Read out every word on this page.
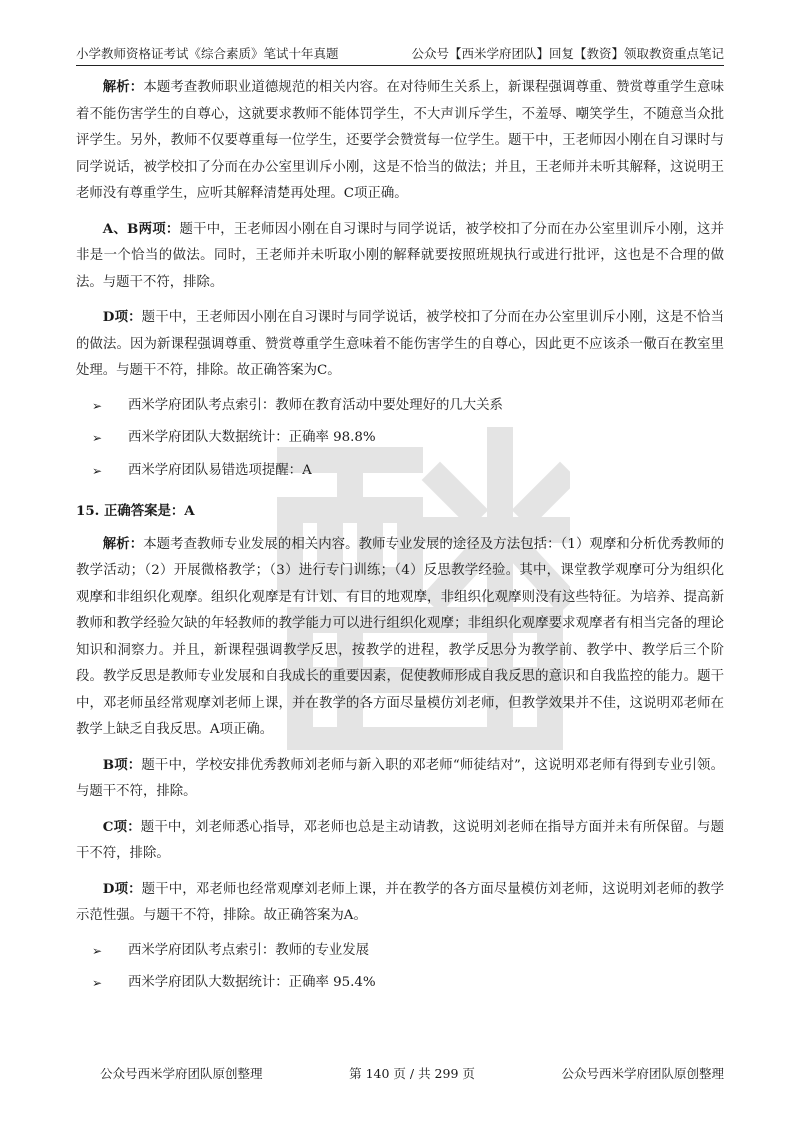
小学教师资格证考试《综合素质》笔试十年真题	公众号【西米学府团队】回复【教资】领取教资重点笔记

解析：本题考查教师职业道德规范的相关内容。在对待师生关系上，新课程强调尊重、赞赏尊重学生意味着不能伤害学生的自尊心，这就要求教师不能体罚学生，不大声训斥学生，不羞辱、嘲笑学生，不随意当众批评学生。另外，教师不仅要尊重每一位学生，还要学会赞赏每一位学生。题干中，王老师因小刚在自习课时与同学说话，被学校扣了分而在办公室里训斥小刚，这是不恰当的做法；并且，王老师并未听其解释，这说明王老师没有尊重学生，应听其解释清楚再处理。C项正确。

A、B两项：题干中，王老师因小刚在自习课时与同学说话，被学校扣了分而在办公室里训斥小刚，这并非是一个恰当的做法。同时，王老师并未听取小刚的解释就要按照班规执行或进行批评，这也是不合理的做法。与题干不符，排除。

D项：题干中，王老师因小刚在自习课时与同学说话，被学校扣了分而在办公室里训斥小刚，这是不恰当的做法。因为新课程强调尊重、赞赏尊重学生意味着不能伤害学生的自尊心，因此更不应该杀一儆百在教室里处理。与题干不符，排除。故正确答案为C。

➢	西米学府团队考点索引：教师在教育活动中要处理好的几大关系

➢	西米学府团队大数据统计：正确率 98.8%

➢	西米学府团队易错选项提醒：A

15. 正确答案是：A

解析：本题考查教师专业发展的相关内容。教师专业发展的途径及方法包括：（1）观摩和分析优秀教师的教学活动；（2）开展微格教学；（3）进行专门训练；（4）反思教学经验。其中，课堂教学观摩可分为组织化观摩和非组织化观摩。组织化观摩是有计划、有目的地观摩，非组织化观摩则没有这些特征。为培养、提高新教师和教学经验欠缺的年轻教师的教学能力可以进行组织化观摩；非组织化观摩要求观摩者有相当完备的理论知识和洞察力。并且，新课程强调教学反思，按教学的进程，教学反思分为教学前、教学中、教学后三个阶段。教学反思是教师专业发展和自我成长的重要因素，促使教师形成自我反思的意识和自我监控的能力。题干中，邓老师虽经常观摩刘老师上课，并在教学的各方面尽量模仿刘老师，但教学效果并不佳，这说明邓老师在教学上缺乏自我反思。A项正确。

B项：题干中，学校安排优秀教师刘老师与新入职的邓老师“师徒结对”，这说明邓老师有得到专业引领。与题干不符，排除。

C项：题干中，刘老师悉心指导，邓老师也总是主动请教，这说明刘老师在指导方面并未有所保留。与题干不符，排除。

D项：题干中，邓老师也经常观摩刘老师上课，并在教学的各方面尽量模仿刘老师，这说明刘老师的教学示范性强。与题干不符，排除。故正确答案为A。

➢	西米学府团队考点索引：教师的专业发展

➢	西米学府团队大数据统计：正确率 95.4%

公众号西米学府团队原创整理	第 140 页 / 共 299 页	公众号西米学府团队原创整理
